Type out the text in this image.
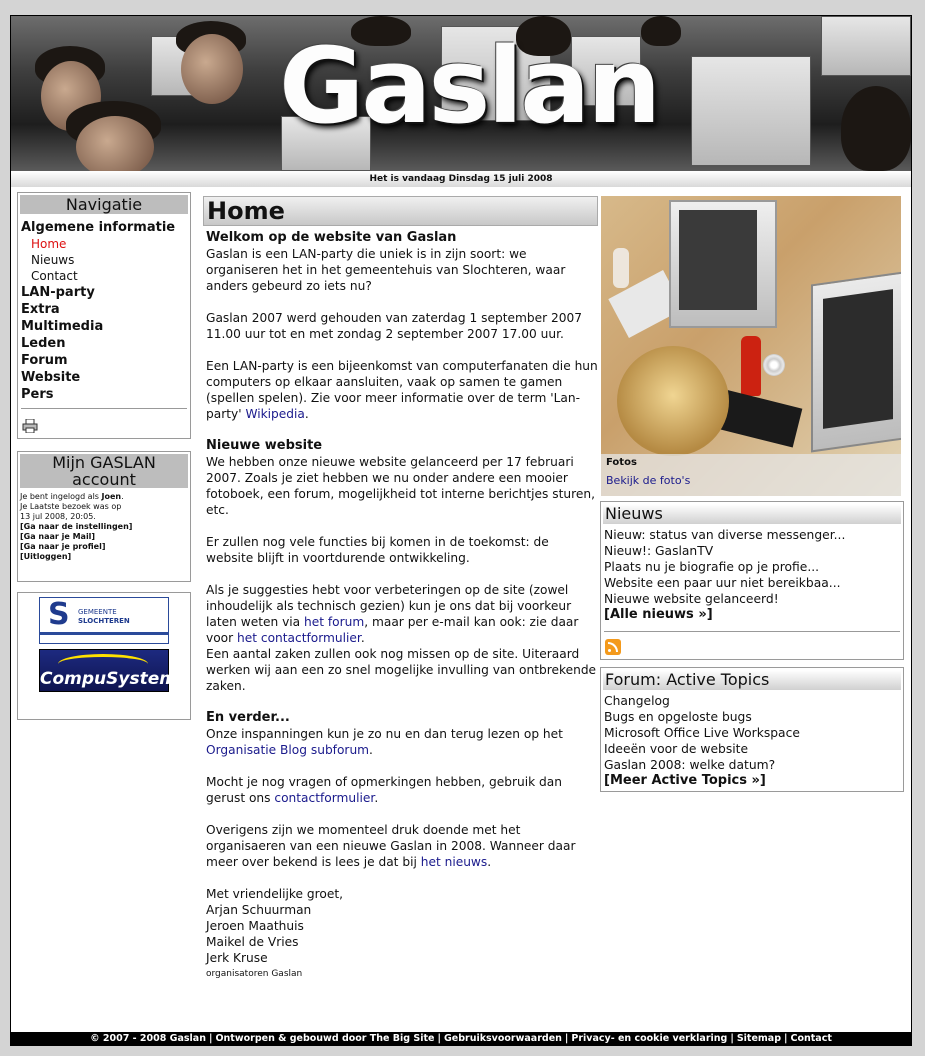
Gaslan
Het is vandaag Dinsdag 15 juli 2008
Navigatie
Algemene informatie
Home
Nieuws
Contact
LAN-party
Extra
Multimedia
Leden
Forum
Website
Pers
Mijn GASLAN account
Je bent ingelogd als Joen.
Je Laatste bezoek was op
13 jul 2008, 20:05.
[Ga naar de instellingen]
[Ga naar je Mail]
[Ga naar je profiel]
[Uitloggen]
S GEMEENTE
SLOCHTEREN
CompuSystems
Home
Welkom op de website van Gaslan

Gaslan is een LAN-party die uniek is in zijn soort: we organiseren het in het gemeentehuis van Slochteren, waar anders gebeurd zo iets nu?

Gaslan 2007 werd gehouden van zaterdag 1 september 2007 11.00 uur tot en met zondag 2 september 2007 17.00 uur.

Een LAN-party is een bijeenkomst van computerfanaten die hun computers op elkaar aansluiten, vaak op samen te gamen (spellen spelen). Zie voor meer informatie over de term 'Lan-party' Wikipedia.

Nieuwe website

We hebben onze nieuwe website gelanceerd per 17 februari 2007. Zoals je ziet hebben we nu onder andere een mooier fotoboek, een forum, mogelijkheid tot interne berichtjes sturen, etc.

Er zullen nog vele functies bij komen in de toekomst: de website blijft in voortdurende ontwikkeling.

Als je suggesties hebt voor verbeteringen op de site (zowel inhoudelijk als technisch gezien) kun je ons dat bij voorkeur laten weten via het forum, maar per e-mail kan ook: zie daar voor het contactformulier.
Een aantal zaken zullen ook nog missen op de site. Uiteraard werken wij aan een zo snel mogelijke invulling van ontbrekende zaken.

En verder...

Onze inspanningen kun je zo nu en dan terug lezen op het Organisatie Blog subforum.

Mocht je nog vragen of opmerkingen hebben, gebruik dan gerust ons contactformulier.

Overigens zijn we momenteel druk doende met het organisaeren van een nieuwe Gaslan in 2008. Wanneer daar meer over bekend is lees je dat bij het nieuws.

Met vriendelijke groet,
Arjan Schuurman
Jeroen Maathuis
Maikel de Vries
Jerk Kruse
organisatoren Gaslan
Fotos
Bekijk de foto's
Nieuws
Nieuw: status van diverse messenger...
Nieuw!: GaslanTV
Plaats nu je biografie op je profie...
Website een paar uur niet bereikbaa...
Nieuwe website gelanceerd!
[Alle nieuws »]
Forum: Active Topics
Changelog
Bugs en opgeloste bugs
Microsoft Office Live Workspace
Ideeën voor de website
Gaslan 2008: welke datum?
[Meer Active Topics »]
© 2007 - 2008 Gaslan | Ontworpen & gebouwd door The Big Site | Gebruiksvoorwaarden | Privacy- en cookie verklaring | Sitemap | Contact
